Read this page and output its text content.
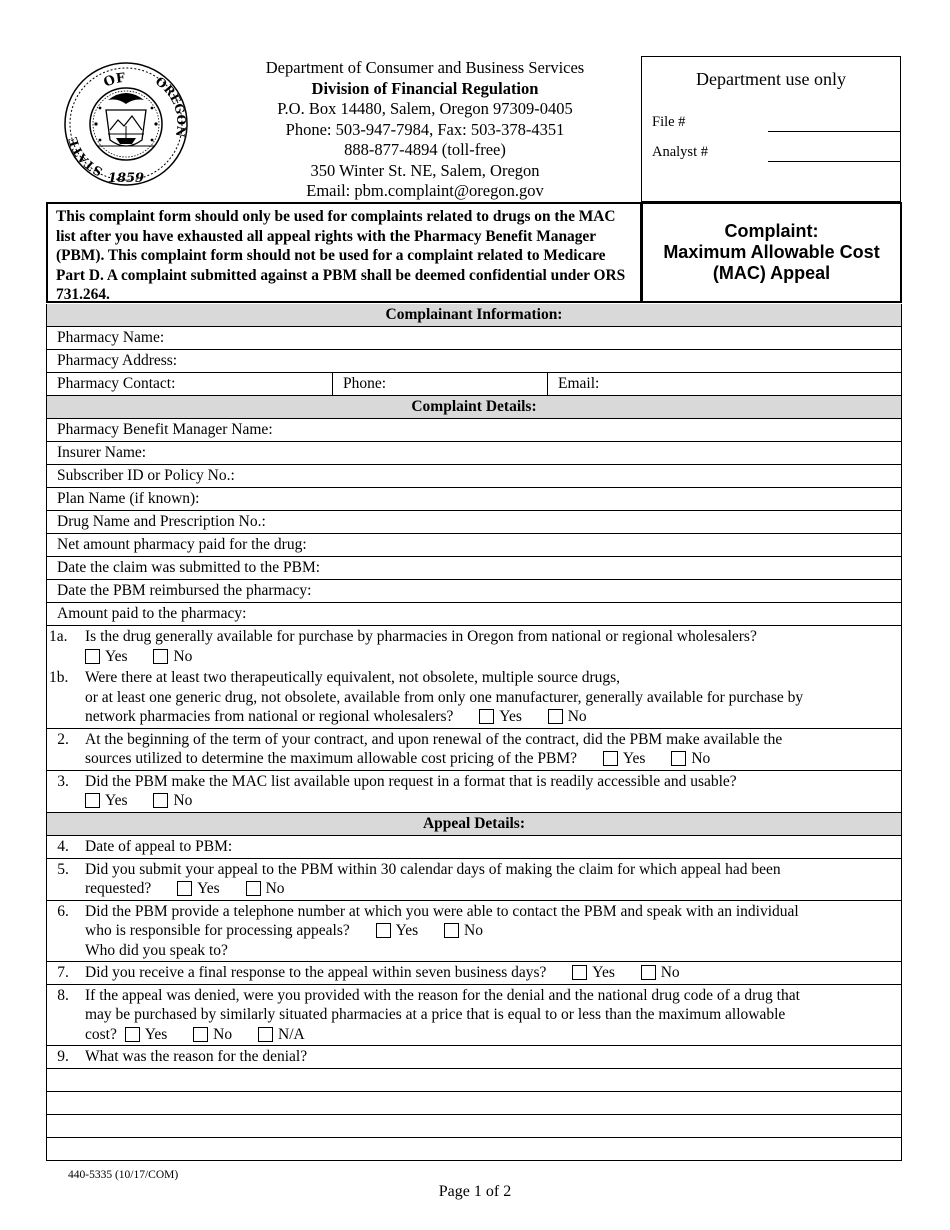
OF
STATE
OREGON
1859
Department of Consumer and Business Services
Division of Financial Regulation
P.O. Box 14480, Salem, Oregon 97309-0405
Phone: 503-947-7984, Fax: 503-378-4351
888-877-4894 (toll-free)
350 Winter St. NE, Salem, Oregon
Email: pbm.complaint@oregon.gov
Department use only
File #
Analyst #
This complaint form should only be used for complaints related to drugs on the MAC list after you have exhausted all appeal rights with the Pharmacy Benefit Manager (PBM). This complaint form should not be used for a complaint related to Medicare Part D. A complaint submitted against a PBM shall be deemed confidential under ORS 731.264.
Complaint:
Maximum Allowable Cost
(MAC) Appeal
Complainant Information:
Pharmacy Name:
Pharmacy Address:
Pharmacy Contact:	Phone:	Email:
Complaint Details:
Pharmacy Benefit Manager Name:
Insurer Name:
Subscriber ID or Policy No.:
Plan Name (if known):
Drug Name and Prescription No.:
Net amount pharmacy paid for the drug:
Date the claim was submitted to the PBM:
Date the PBM reimbursed the pharmacy:
Amount paid to the pharmacy:
1a. Is the drug generally available for purchase by pharmacies in Oregon from national or regional wholesalers?
Yes	No
1b. Were there at least two therapeutically equivalent, not obsolete, multiple source drugs,
or at least one generic drug, not obsolete, available from only one manufacturer, generally available for purchase by
network pharmacies from national or regional wholesalers?	Yes	No
2.	At the beginning of the term of your contract, and upon renewal of the contract, did the PBM make available the
sources utilized to determine the maximum allowable cost pricing of the PBM?	Yes	No
3.	Did the PBM make the MAC list available upon request in a format that is readily accessible and usable?
Yes	No
Appeal Details:
4.	Date of appeal to PBM:
5.	Did you submit your appeal to the PBM within 30 calendar days of making the claim for which appeal had been
requested?	Yes	No
6.	Did the PBM provide a telephone number at which you were able to contact the PBM and speak with an individual
who is responsible for processing appeals?	Yes	No
Who did you speak to?
7.	Did you receive a final response to the appeal within seven business days?	Yes	No
8.	If the appeal was denied, were you provided with the reason for the denial and the national drug code of a drug that
may be purchased by similarly situated pharmacies at a price that is equal to or less than the maximum allowable
cost? Yes	No	N/A
9.	What was the reason for the denial?
440-5335 (10/17/COM)
Page 1 of 2
